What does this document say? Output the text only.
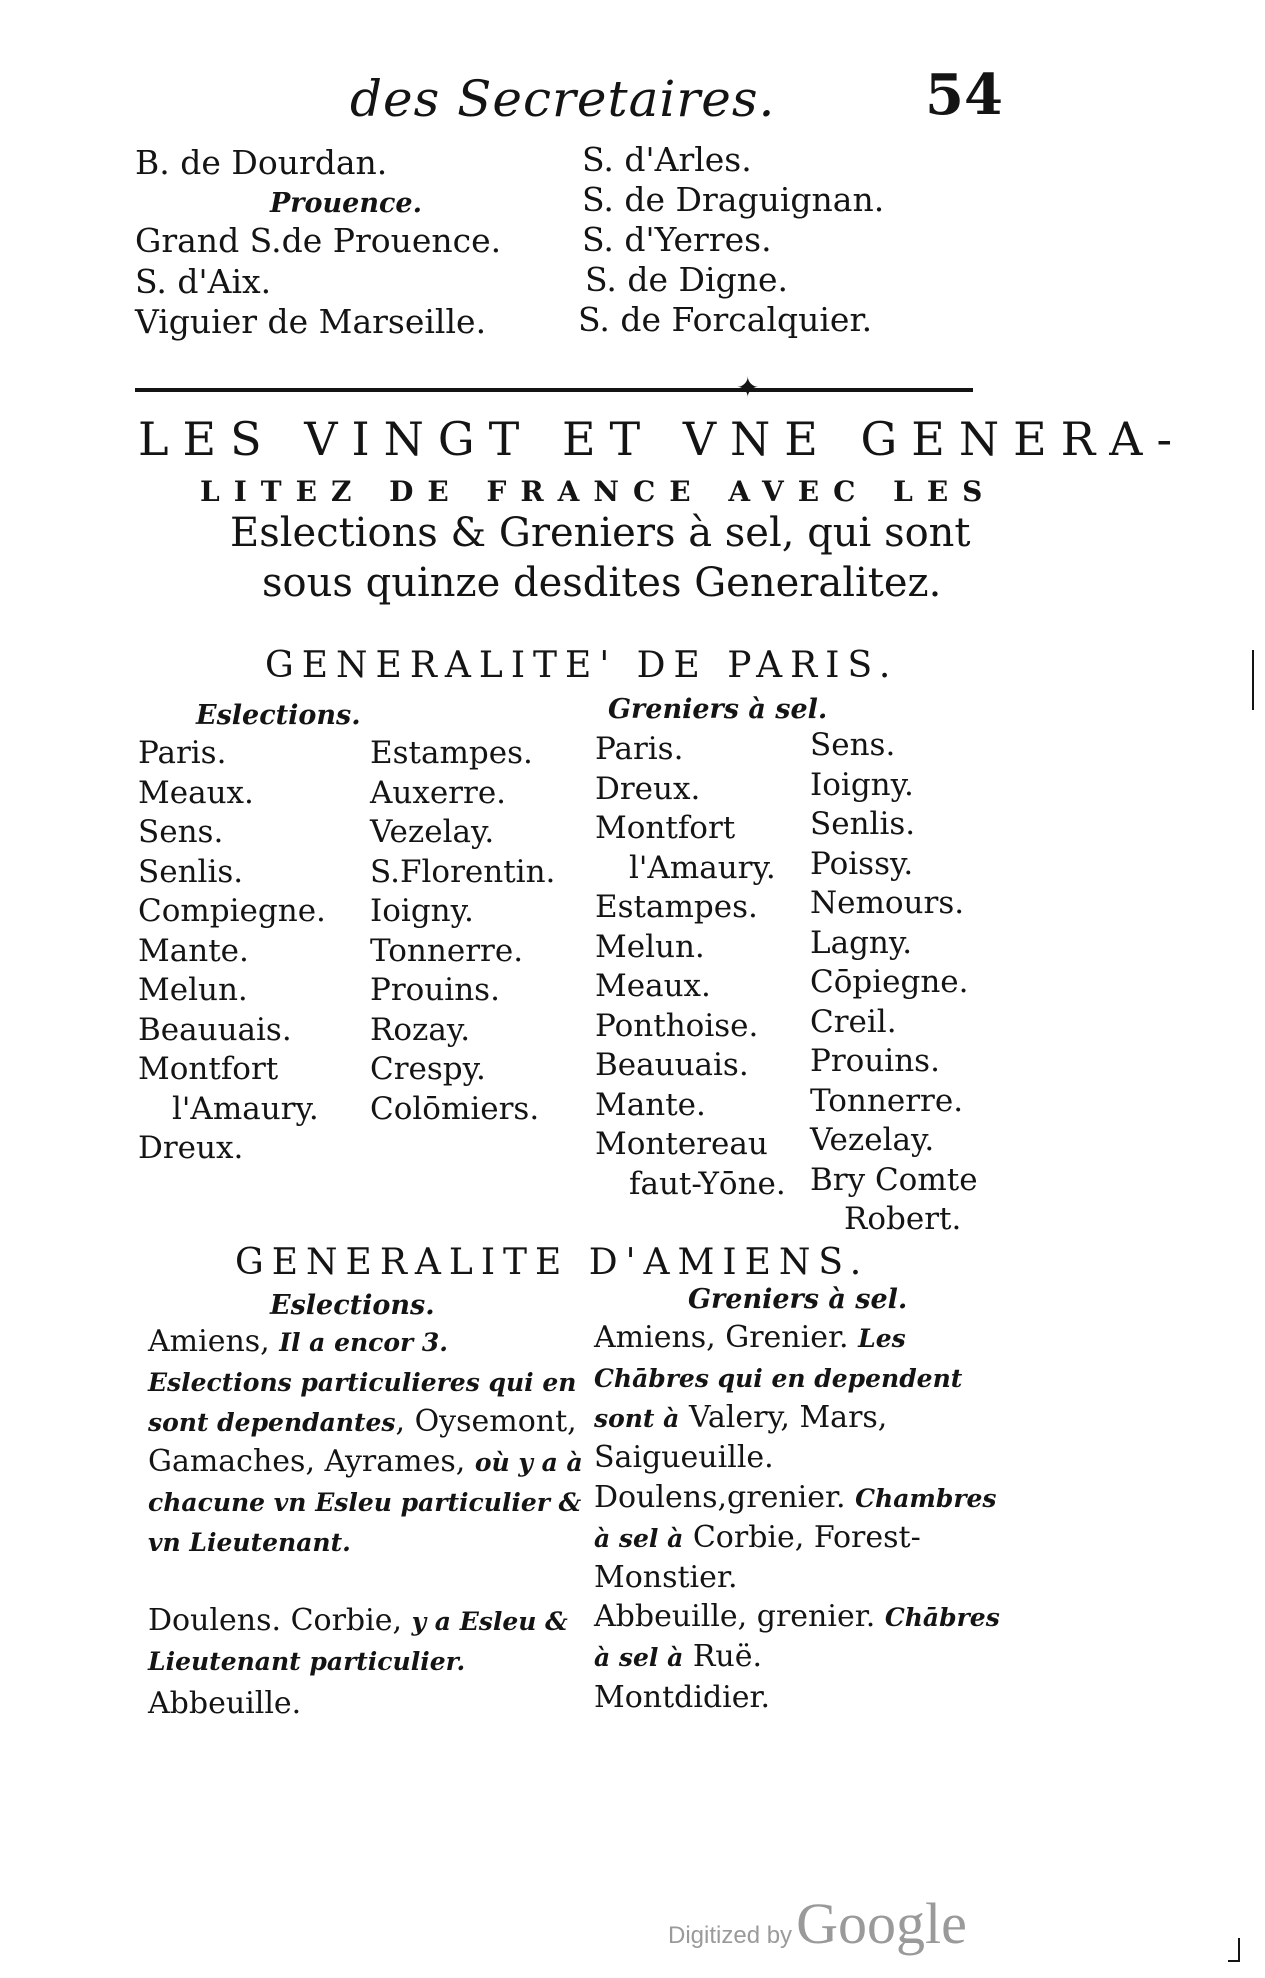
des Secretaires.	54
B. de Dourdan.
Prouence.
Grand S.de Prouence.
S. d'Aix.
Viguier de Marseille.
S. d'Arles.
S. de Draguignan.
S. d'Yerres.
S. de Digne.
S. de Forcalquier.
✦
LES VINGT ET VNE GENERA-
LITEZ DE FRANCE AVEC LES
Eslections & Greniers à sel, qui sont
sous quinze desdites Generalitez.
GENERALITE' DE PARIS.
Eslections.	Greniers à sel.
Paris.
Meaux.
Sens.
Senlis.
Compiegne.
Mante.
Melun.
Beauuais.
Montfort
l'Amaury.
Dreux.
Estampes.
Auxerre.
Vezelay.
S.Florentin.
Ioigny.
Tonnerre.
Prouins.
Rozay.
Crespy.
Colōmiers.
Paris.
Dreux.
Montfort
l'Amaury.
Estampes.
Melun.
Meaux.
Ponthoise.
Beauuais.
Mante.
Montereau
faut-Yōne.
Sens.
Ioigny.
Senlis.
Poissy.
Nemours.
Lagny.
Cōpiegne.
Creil.
Prouins.
Tonnerre.
Vezelay.
Bry Comte
Robert.
GENERALITE D'AMIENS.
Eslections.	Greniers à sel.
Amiens, Il a encor 3. Eslections particulieres qui en sont dependantes, Oysemont, Gamaches, Ayrames, où y a à chacune vn Esleu particulier & vn Lieutenant.
Doulens. Corbie, y a Esleu & Lieutenant particulier.
Abbeuille.
Amiens, Grenier. Les Chābres qui en dependent sont à Valery, Mars, Saigueuille.
Doulens,grenier. Chambres à sel à Corbie, Forest-Monstier.
Abbeuille, grenier. Chābres à sel à Ruë.
Montdidier.
Digitized byGoogle
